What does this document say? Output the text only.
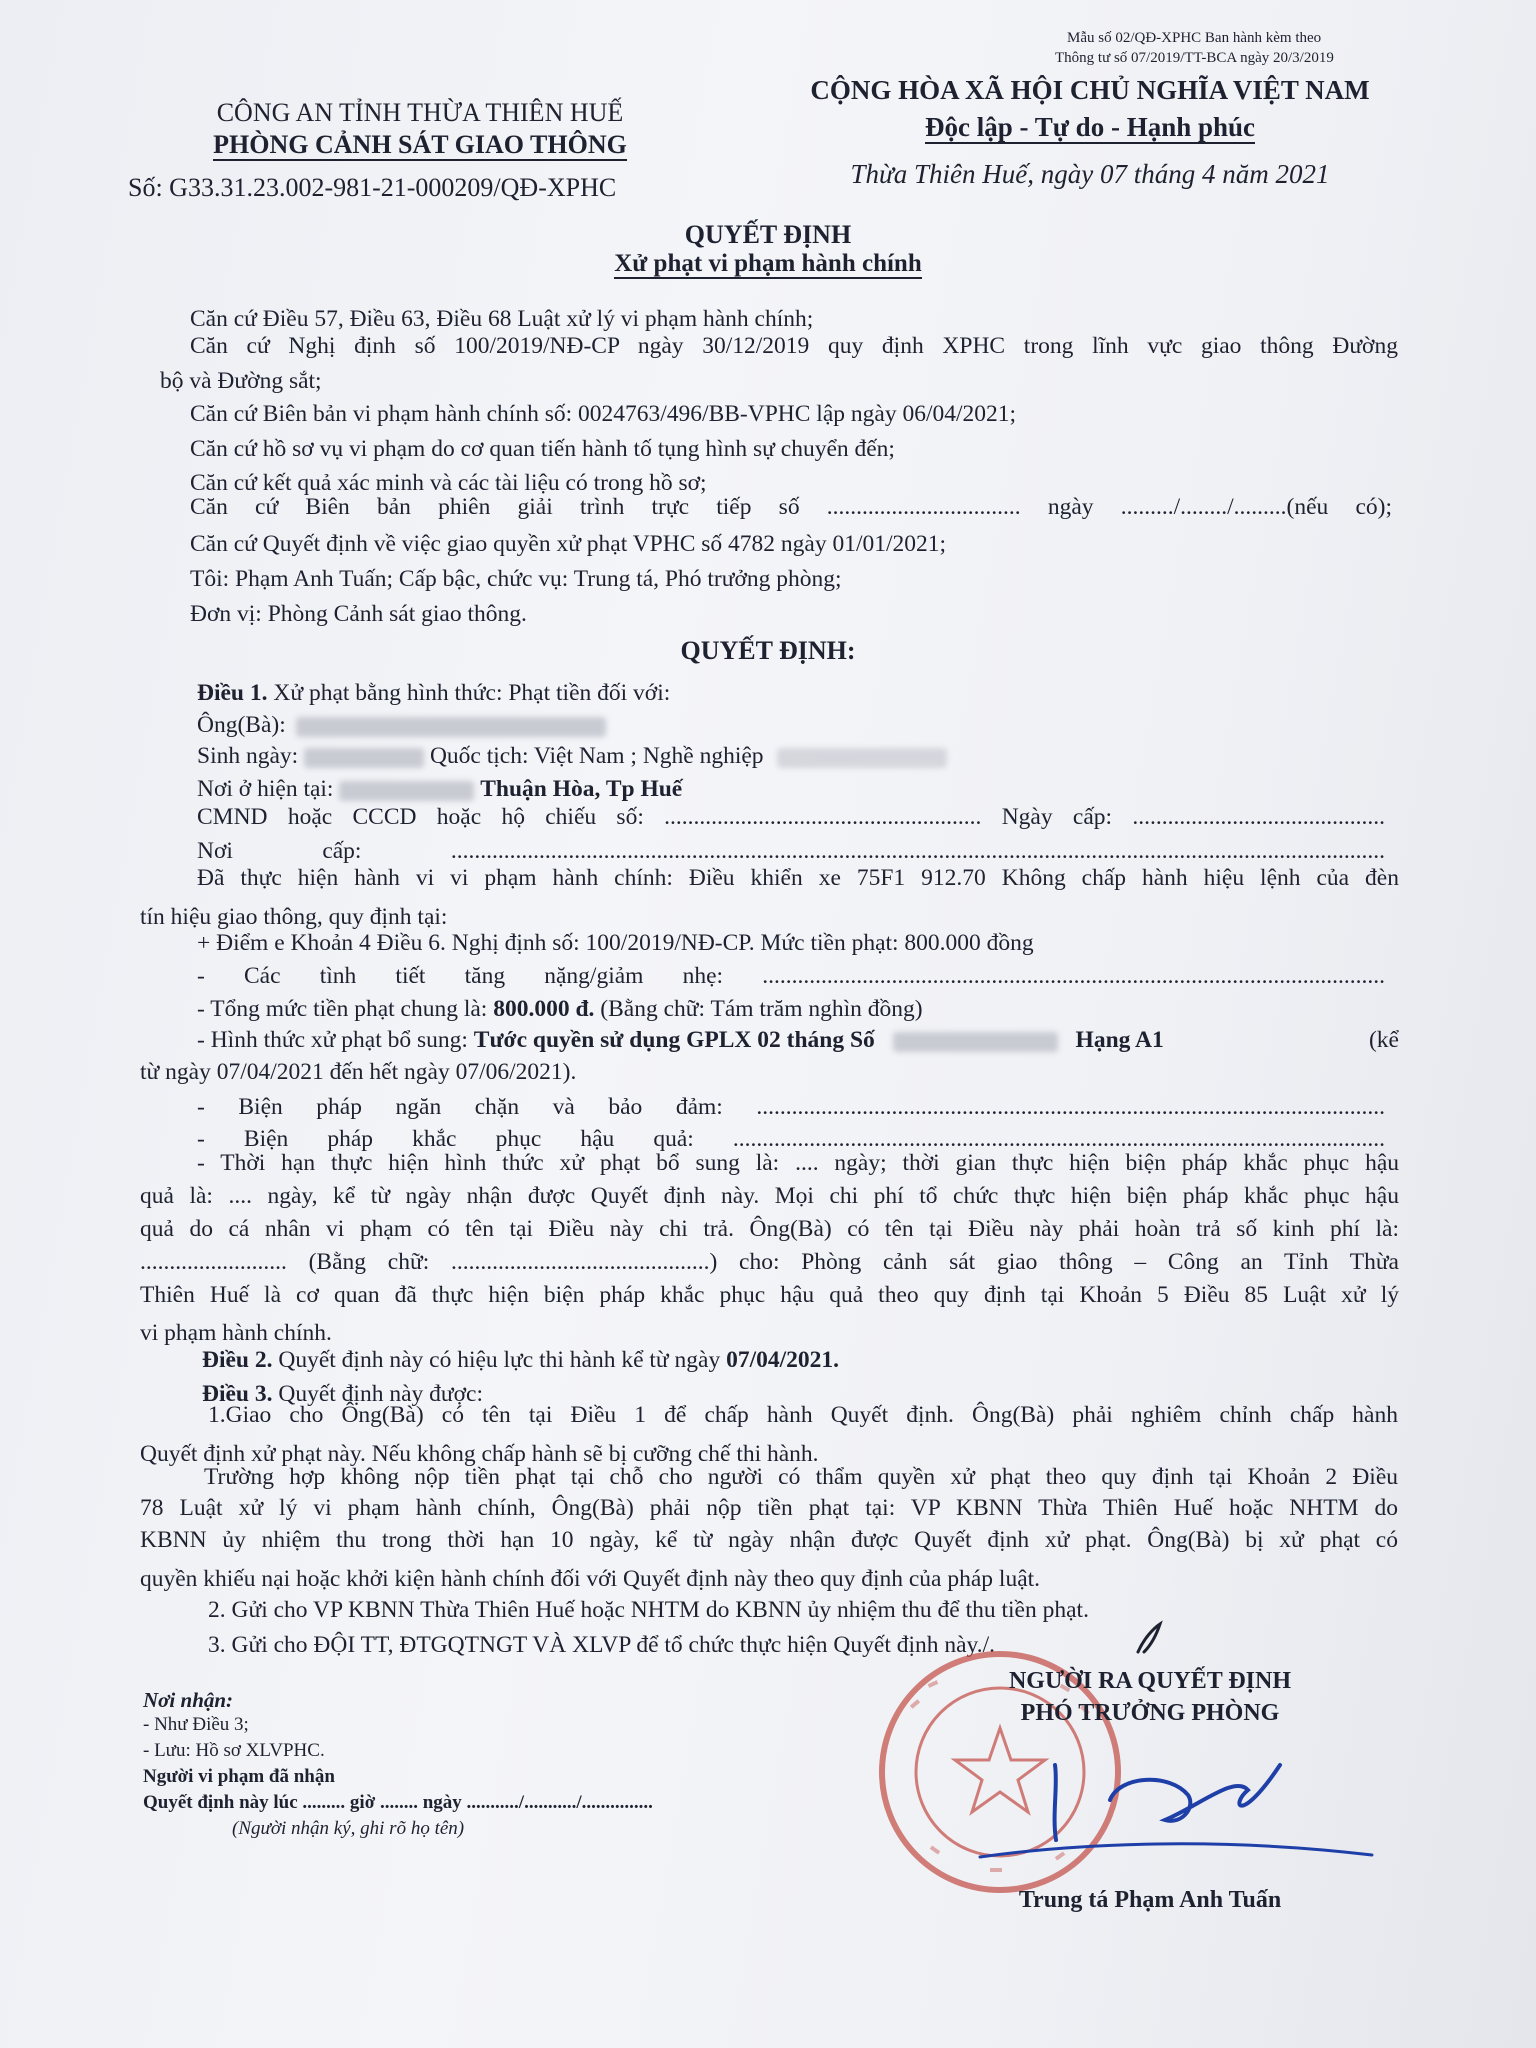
Mẫu số 02/QĐ-XPHC Ban hành kèm theo
Thông tư số 07/2019/TT-BCA ngày 20/3/2019
CÔNG AN TỈNH THỪA THIÊN HUẾ
PHÒNG CẢNH SÁT GIAO THÔNG
Số: G33.31.23.002-981-21-000209/QĐ-XPHC
CỘNG HÒA XÃ HỘI CHỦ NGHĨA VIỆT NAM
Độc lập - Tự do - Hạnh phúc
Thừa Thiên Huế, ngày 07 tháng 4 năm 2021
QUYẾT ĐỊNH
Xử phạt vi phạm hành chính
Căn cứ Điều 57, Điều 63, Điều 68 Luật xử lý vi phạm hành chính;
Căn cứ Nghị định số 100/2019/NĐ-CP ngày 30/12/2019 quy định XPHC trong lĩnh vực giao thông Đường
bộ và Đường sắt;
Căn cứ Biên bản vi phạm hành chính số: 0024763/496/BB-VPHC lập ngày 06/04/2021;
Căn cứ hồ sơ vụ vi phạm do cơ quan tiến hành tố tụng hình sự chuyển đến;
Căn cứ kết quả xác minh và các tài liệu có trong hồ sơ;
Căn cứ Biên bản phiên giải trình trực tiếp số ................................. ngày ........./......../.........(nếu có);
Căn cứ Quyết định về việc giao quyền xử phạt VPHC số 4782 ngày 01/01/2021;
Tôi: Phạm Anh Tuấn; Cấp bậc, chức vụ: Trung tá, Phó trưởng phòng;
Đơn vị: Phòng Cảnh sát giao thông.
QUYẾT ĐỊNH:
Điều 1. Xử phạt bằng hình thức: Phạt tiền đối với:
Ông(Bà):
Sinh ngày:	Quốc tịch: Việt Nam ; Nghề nghiệp
Nơi ở hiện tại:	Thuận Hòa, Tp Huế
CMND hoặc CCCD hoặc hộ chiếu số: ...................................................... Ngày cấp: ...........................................
Nơi cấp: ...............................................................................................................................................................
Đã thực hiện hành vi vi phạm hành chính: Điều khiển xe 75F1 912.70 Không chấp hành hiệu lệnh của đèn
tín hiệu giao thông, quy định tại:
+ Điểm e Khoản 4 Điều 6. Nghị định số: 100/2019/NĐ-CP. Mức tiền phạt: 800.000 đồng
- Các tình tiết tăng nặng/giảm nhẹ: ..........................................................................................................
- Tổng mức tiền phạt chung là: 800.000 đ. (Bằng chữ: Tám trăm nghìn đồng)
- Hình thức xử phạt bổ sung: Tước quyền sử dụng GPLX 02 tháng Số	Hạng A1	(kể
từ ngày 07/04/2021 đến hết ngày 07/06/2021).
- Biện pháp ngăn chặn và bảo đảm: ...........................................................................................................
- Biện pháp khắc phục hậu quả: ...............................................................................................................
- Thời hạn thực hiện hình thức xử phạt bổ sung là: .... ngày; thời gian thực hiện biện pháp khắc phục hậu
quả là: .... ngày, kể từ ngày nhận được Quyết định này. Mọi chi phí tổ chức thực hiện biện pháp khắc phục hậu
quả do cá nhân vi phạm có tên tại Điều này chi trả. Ông(Bà) có tên tại Điều này phải hoàn trả số kinh phí là:
......................... (Bằng chữ: ............................................) cho: Phòng cảnh sát giao thông – Công an Tỉnh Thừa
Thiên Huế là cơ quan đã thực hiện biện pháp khắc phục hậu quả theo quy định tại Khoản 5 Điều 85 Luật xử lý
vi phạm hành chính.
Điều 2. Quyết định này có hiệu lực thi hành kể từ ngày 07/04/2021.
Điều 3. Quyết định này được:
1.Giao cho Ông(Bà) có tên tại Điều 1 để chấp hành Quyết định. Ông(Bà) phải nghiêm chỉnh chấp hành
Quyết định xử phạt này. Nếu không chấp hành sẽ bị cưỡng chế thi hành.
Trường hợp không nộp tiền phạt tại chỗ cho người có thẩm quyền xử phạt theo quy định tại Khoản 2 Điều
78 Luật xử lý vi phạm hành chính, Ông(Bà) phải nộp tiền phạt tại: VP KBNN Thừa Thiên Huế hoặc NHTM do
KBNN ủy nhiệm thu trong thời hạn 10 ngày, kể từ ngày nhận được Quyết định xử phạt. Ông(Bà) bị xử phạt có
quyền khiếu nại hoặc khởi kiện hành chính đối với Quyết định này theo quy định của pháp luật.
2. Gửi cho VP KBNN Thừa Thiên Huế hoặc NHTM do KBNN ủy nhiệm thu để thu tiền phạt.
3. Gửi cho ĐỘI TT, ĐTGQTNGT VÀ XLVP để tổ chức thực hiện Quyết định này./.
Nơi nhận:
- Như Điều 3;
- Lưu: Hồ sơ XLVPHC.
Người vi phạm đã nhận
Quyết định này lúc ......... giờ ........ ngày .........../.........../...............
(Người nhận ký, ghi rõ họ tên)
NGƯỜI RA QUYẾT ĐỊNH
PHÓ TRƯỞNG PHÒNG
Trung tá Phạm Anh Tuấn
